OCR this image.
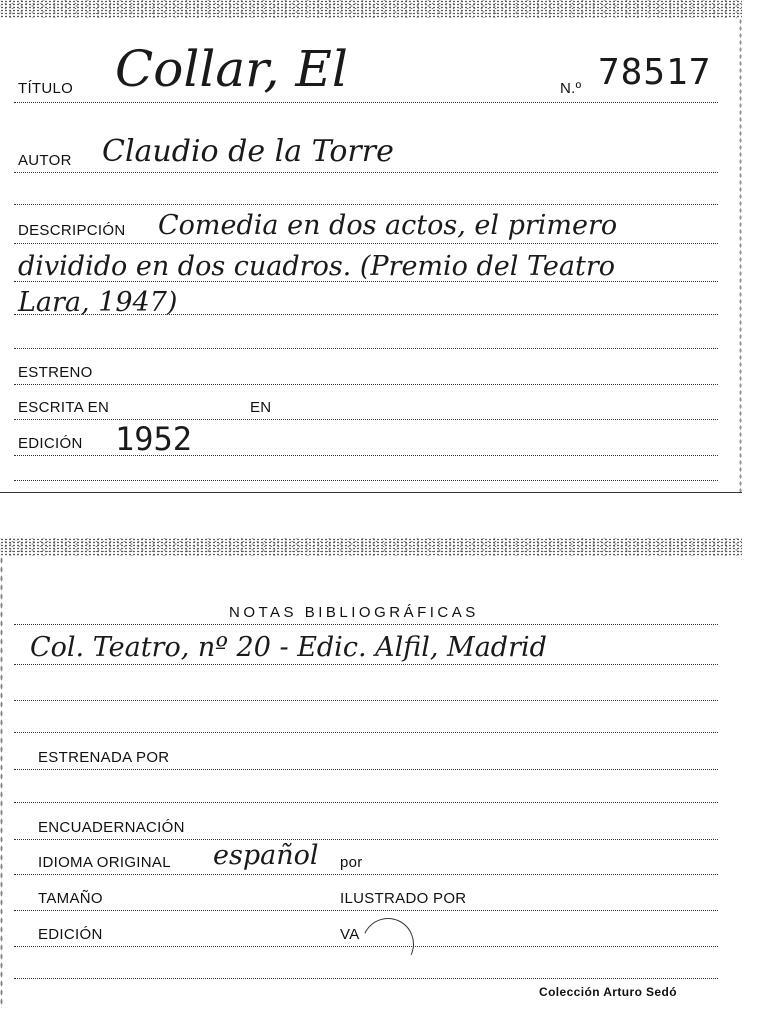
TÍTULO Collar, El	N.º 78517
AUTOR Claudio de la Torre
DESCRIPCIÓN Comedia en dos actos, el primero
dividido en dos cuadros. (Premio del Teatro
Lara, 1947)
ESTRENO
ESCRITA EN	EN
EDICIÓN 1952
NOTAS BIBLIOGRÁFICAS
Col. Teatro, nº 20 - Edic. Alfil, Madrid
ESTRENADA POR
ENCUADERNACIÓN
IDIOMA ORIGINAL español por
TAMAÑO	ILUSTRADO POR
EDICIÓN	VA
Colección Arturo Sedó
